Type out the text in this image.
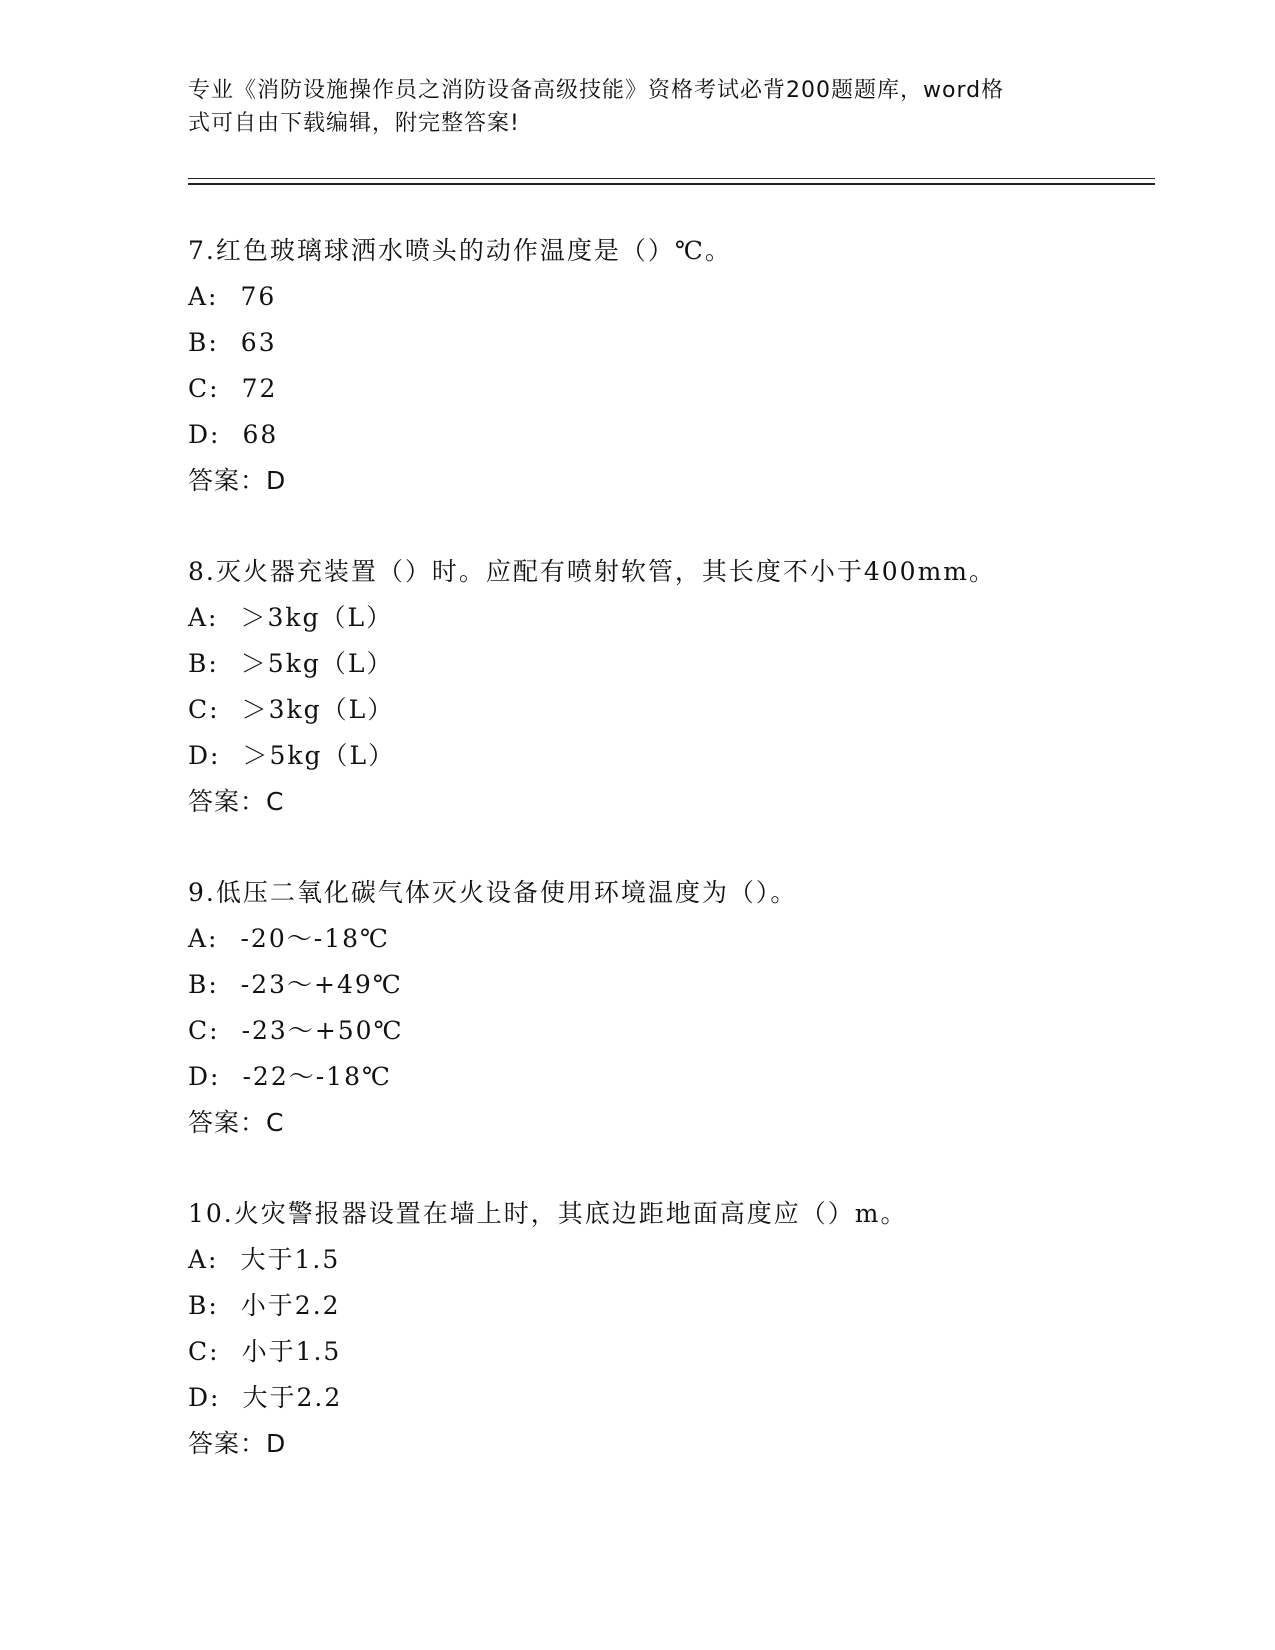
专业《消防设施操作员之消防设备高级技能》资格考试必背200题题库，word格
式可自由下载编辑，附完整答案!
7.红色玻璃球洒水喷头的动作温度是（）℃。
A: 76
B: 63
C: 72
D: 68
答案：D
8.灭火器充装置（）时。应配有喷射软管，其长度不小于400mm。
A: ＞3kg（L）
B: ＞5kg（L）
C: ＞3kg（L）
D: ＞5kg（L）
答案：C
9.低压二氧化碳气体灭火设备使用环境温度为（）。
A: -20～-18℃
B: -23～+49℃
C: -23～+50℃
D: -22～-18℃
答案：C
10.火灾警报器设置在墙上时，其底边距地面高度应（）m。
A: 大于1.5
B: 小于2.2
C: 小于1.5
D: 大于2.2
答案：D
